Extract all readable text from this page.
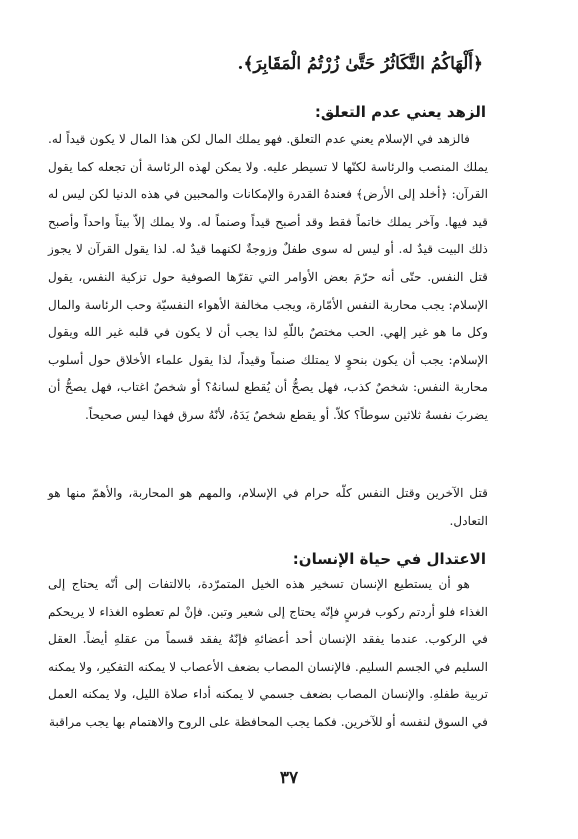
﴿أَلْهَاكُمُ التَّكَاثُرُ حَتَّىٰ زُرْتُمُ الْمَقَابِرَ﴾.
الزهد يعني عدم التعلق:

فالزهد في الإسلام يعني عدم التعلق. فهو يملك المال لكن هذا المال لا يكون قيداً له. يملك المنصب والرئاسة لكنّها لا تسيطر عليه. ولا يمكن لهذه الرئاسة أن تجعله كما يقول القرآن: ﴿أخلد إلى الأرض﴾ فعندهُ القدرة والإمكانات والمحبين في هذه الدنيا لكن ليس له قيد فيها. وآخر يملك خاتماً فقط وقد أصبح قيداً وصنماً له. ولا يملك إلاّ بيتاً واحداً وأصبح ذلك البيت قيدٌ له. أو ليس له سوى طفلٌ وزوجةٌ لكنهما قيدٌ له. لذا يقول القرآن لا يجوز قتل النفس. حتّى أنه حرّمَ بعض الأوامر التي تقرّها الصوفية حول تزكية النفس، يقول الإسلام: يجب محاربة النفس الأمّارة، ويجب مخالفة الأهواء النفسيّة وحب الرئاسة والمال وكل ما هو غير إلهي. الحب مختصٌ باللّهِ لذا يجب أن لا يكون في قلبه غير الله ويقول الإسلام: يجب أن يكون بنحوٍ لا يمتلك صنماً وقيداً، لذا يقول علماء الأخلاق حول أسلوب محاربة النفس: شخصٌ كذب، فهل يصحُّ أن يُقطع لسانهُ؟ أو شخصٌ اغتاب، فهل يصحُّ أن يضربَ نفسهُ ثلاثين سوطاً؟ كلاّ. أو يقطع شخصٌ يَدَهُ، لأنّهُ سرق فهذا ليس صحيحاً.

قتل الآخرين وقتل النفس كلّه حرام في الإسلام، والمهم هو المحاربة، والأهمّ منها هو التعادل.

الاعتدال في حياة الإنسان:

هو أن يستطيع الإنسان تسخير هذه الخيل المتمرّدة، بالالتفات إلى أنّه يحتاج إلى الغذاء فلو أردتم ركوب فرسٍ فإنّه يحتاج إلى شعير وتبن. فإنْ لم تعطوه الغذاء لا يريحكم في الركوب. عندما يفقد الإنسان أحد أعضائهِ فإنّهُ يفقد قسماً من عقلهِ أيضاً. العقل السليم في الجسم السليم. فالإنسان المصاب بضعف الأعصاب لا يمكنه التفكير، ولا يمكنه تربية طفلهِ. والإنسان المصاب بضعف جسمي لا يمكنه أداء صلاة الليل، ولا يمكنه العمل في السوق لنفسه أو للآخرين. فكما يجب المحافظة على الروح والاهتمام بها يجب مراقبة

٣٧
